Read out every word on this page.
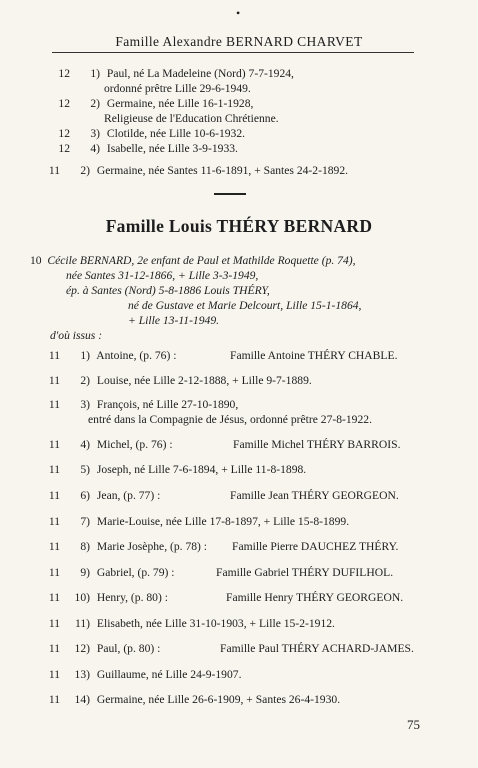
•
Famille Alexandre BERNARD CHARVET
12 1) Paul, né La Madeleine (Nord) 7-7-1924,
ordonné prêtre Lille 29-6-1949.
12 2) Germaine, née Lille 16-1-1928,
Religieuse de l'Education Chrétienne.
12 3) Clotilde, née Lille 10-6-1932.
12 4) Isabelle, née Lille 3-9-1933.
11 2) Germaine, née Santes 11-6-1891, + Santes 24-2-1892.
Famille Louis THÉRY BERNARD
10 Cécile BERNARD, 2e enfant de Paul et Mathilde Roquette (p. 74),
née Santes 31-12-1866, + Lille 3-3-1949,
ép. à Santes (Nord) 5-8-1886 Louis THÉRY,
né de Gustave et Marie Delcourt, Lille 15-1-1864,
+ Lille 13-11-1949.
d'où issus :
11 1) Antoine, (p. 76) :	Famille Antoine THÉRY CHABLE.
11 2) Louise, née Lille 2-12-1888, + Lille 9-7-1889.
11 3) François, né Lille 27-10-1890,
entré dans la Compagnie de Jésus, ordonné prêtre 27-8-1922.
11 4) Michel, (p. 76) :	Famille Michel THÉRY BARROIS.
11 5) Joseph, né Lille 7-6-1894, + Lille 11-8-1898.
11 6) Jean, (p. 77) :	Famille Jean THÉRY GEORGEON.
11 7) Marie-Louise, née Lille 17-8-1897, + Lille 15-8-1899.
11 8) Marie Josèphe, (p. 78) : Famille Pierre DAUCHEZ THÉRY.
11 9) Gabriel, (p. 79) :	Famille Gabriel THÉRY DUFILHOL.
11 10) Henry, (p. 80) :	Famille Henry THÉRY GEORGEON.
11 11) Elisabeth, née Lille 31-10-1903, + Lille 15-2-1912.
11 12) Paul, (p. 80) :	Famille Paul THÉRY ACHARD-JAMES.
11 13) Guillaume, né Lille 24-9-1907.
11 14) Germaine, née Lille 26-6-1909, + Santes 26-4-1930.
75
